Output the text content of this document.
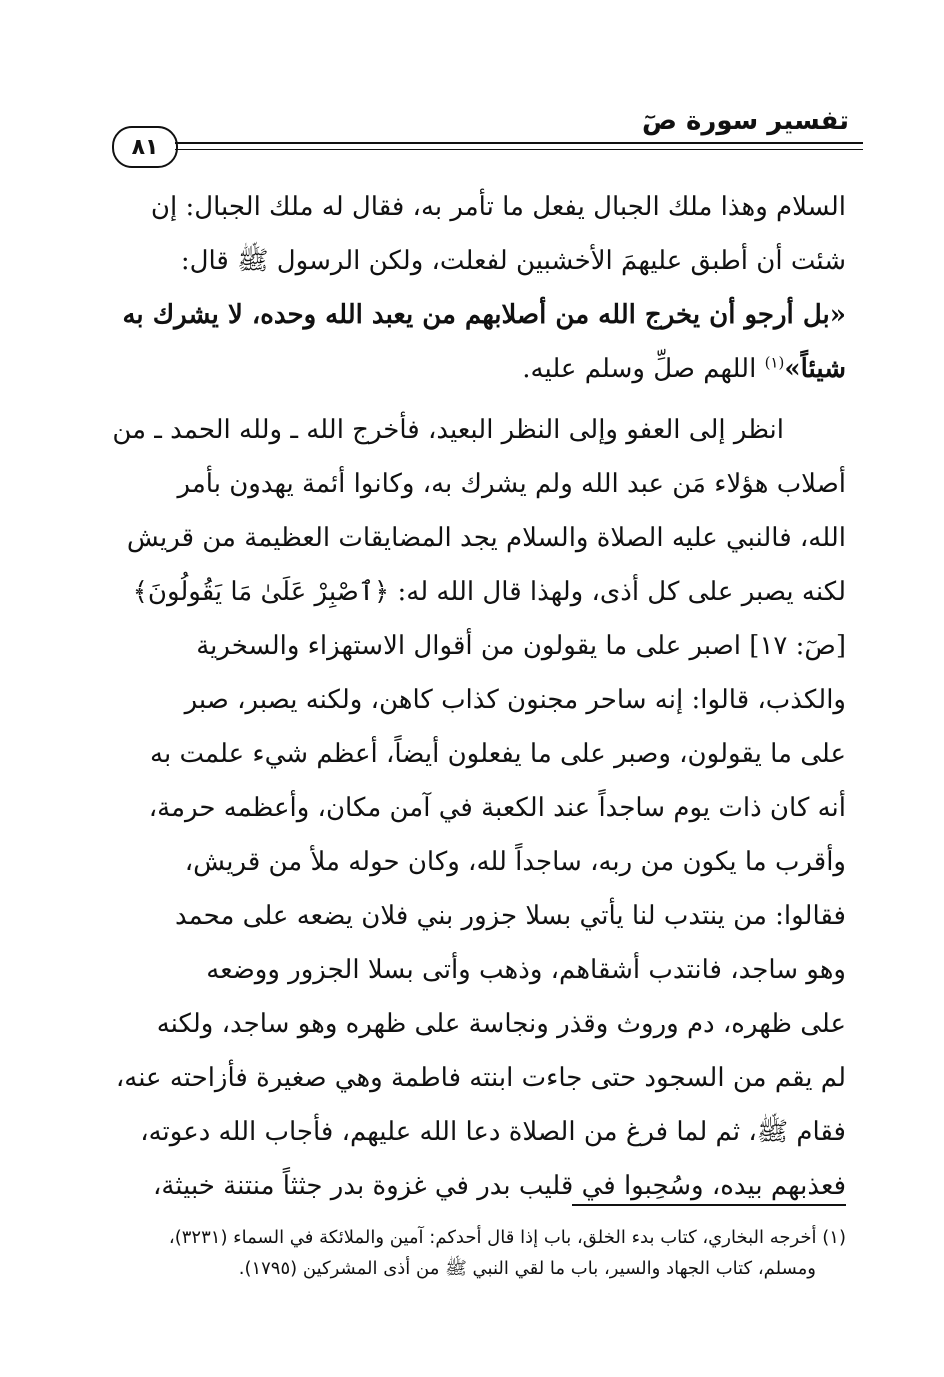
تفسير سورة صٓ
٨١
السلام وهذا ملك الجبال يفعل ما تأمر به، فقال له ملك الجبال: إن
شئت أن أطبق عليهمَ الأخشبين لفعلت، ولكن الرسول ﷺ قال:
«بل أرجو أن يخرج الله من أصلابهم من يعبد الله وحده، لا يشرك به
شيئاً»$^{(١)}$ اللهم صلِّ وسلم عليه.
انظر إلى العفو وإلى النظر البعيد، فأخرج الله ـ ولله الحمد ـ من
أصلاب هؤلاء مَن عبد الله ولم يشرك به، وكانوا أئمة يهدون بأمر
الله، فالنبي عليه الصلاة والسلام يجد المضايقات العظيمة من قريش
لكنه يصبر على كل أذى، ولهذا قال الله له: ﴿ٱصْبِرْ عَلَىٰ مَا يَقُولُونَ﴾
[صٓ: ١٧] اصبر على ما يقولون من أقوال الاستهزاء والسخرية
والكذب، قالوا: إنه ساحر مجنون كذاب كاهن، ولكنه يصبر، صبر
على ما يقولون، وصبر على ما يفعلون أيضاً، أعظم شيء علمت به
أنه كان ذات يوم ساجداً عند الكعبة في آمن مكان، وأعظمه حرمة،
وأقرب ما يكون من ربه، ساجداً لله، وكان حوله ملأ من قريش،
فقالوا: من ينتدب لنا يأتي بسلا جزور بني فلان يضعه على محمد
وهو ساجد، فانتدب أشقاهم، وذهب وأتى بسلا الجزور ووضعه
على ظهره، دم وروث وقذر ونجاسة على ظهره وهو ساجد، ولكنه
لم يقم من السجود حتى جاءت ابنته فاطمة وهي صغيرة فأزاحته عنه،
فقام ﷺ، ثم لما فرغ من الصلاة دعا الله عليهم، فأجاب الله دعوته،
فعذبهم بيده، وسُحِبوا في قليب بدر في غزوة بدر جثثاً منتنة خبيثة،
(١) أخرجه البخاري، كتاب بدء الخلق، باب إذا قال أحدكم: آمين والملائكة في السماء (٣٢٣١)،
ومسلم، كتاب الجهاد والسير، باب ما لقي النبي ﷺ من أذى المشركين (١٧٩٥).
